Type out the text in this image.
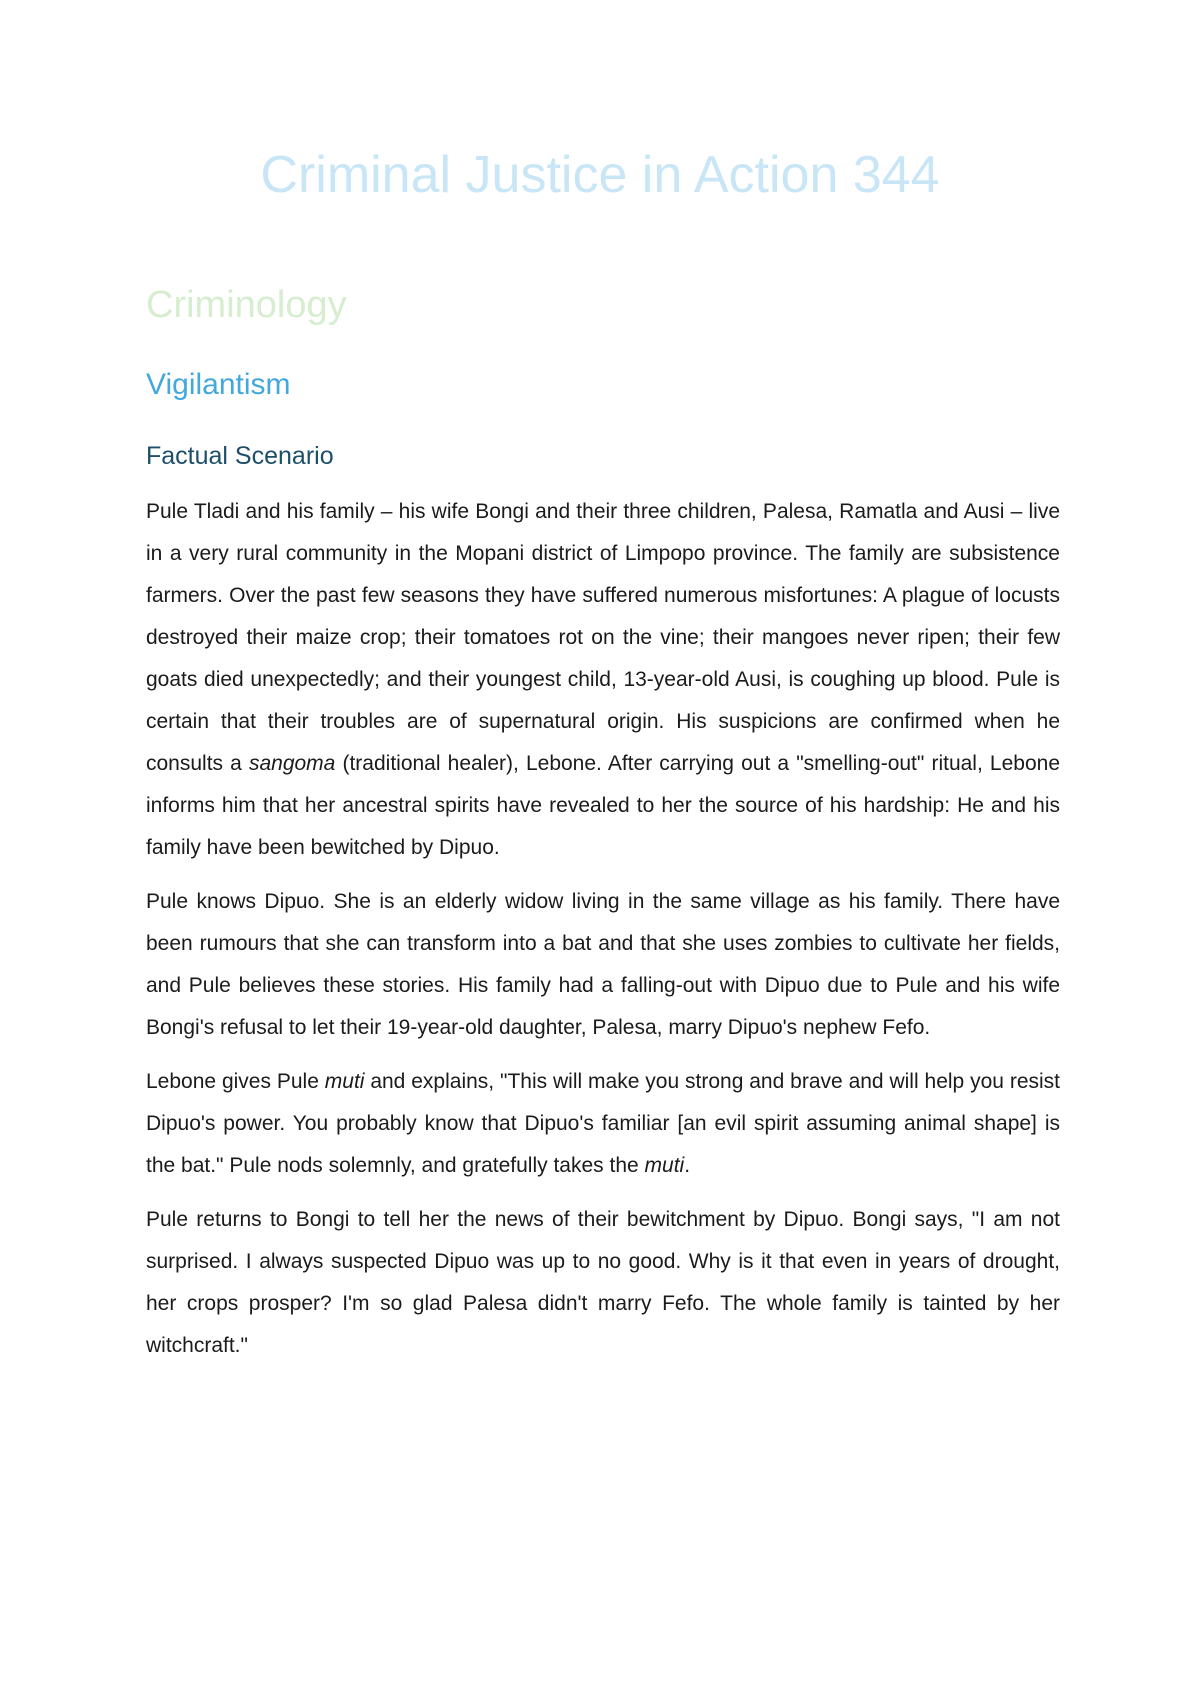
Criminal Justice in Action 344
Criminology
Vigilantism
Factual Scenario

Pule Tladi and his family – his wife Bongi and their three children, Palesa, Ramatla and Ausi – live in a very rural community in the Mopani district of Limpopo province. The family are subsistence farmers. Over the past few seasons they have suffered numerous misfortunes: A plague of locusts destroyed their maize crop; their tomatoes rot on the vine; their mangoes never ripen; their few goats died unexpectedly; and their youngest child, 13-year-old Ausi, is coughing up blood. Pule is certain that their troubles are of supernatural origin. His suspicions are confirmed when he consults a sangoma (traditional healer), Lebone. After carrying out a "smelling-out" ritual, Lebone informs him that her ancestral spirits have revealed to her the source of his hardship: He and his family have been bewitched by Dipuo.

Pule knows Dipuo. She is an elderly widow living in the same village as his family. There have been rumours that she can transform into a bat and that she uses zombies to cultivate her fields, and Pule believes these stories. His family had a falling-out with Dipuo due to Pule and his wife Bongi's refusal to let their 19-year-old daughter, Palesa, marry Dipuo's nephew Fefo.

Lebone gives Pule muti and explains, "This will make you strong and brave and will help you resist Dipuo's power. You probably know that Dipuo's familiar [an evil spirit assuming animal shape] is the bat." Pule nods solemnly, and gratefully takes the muti.

Pule returns to Bongi to tell her the news of their bewitchment by Dipuo. Bongi says, "I am not surprised. I always suspected Dipuo was up to no good. Why is it that even in years of drought, her crops prosper? I'm so glad Palesa didn't marry Fefo. The whole family is tainted by her witchcraft."
